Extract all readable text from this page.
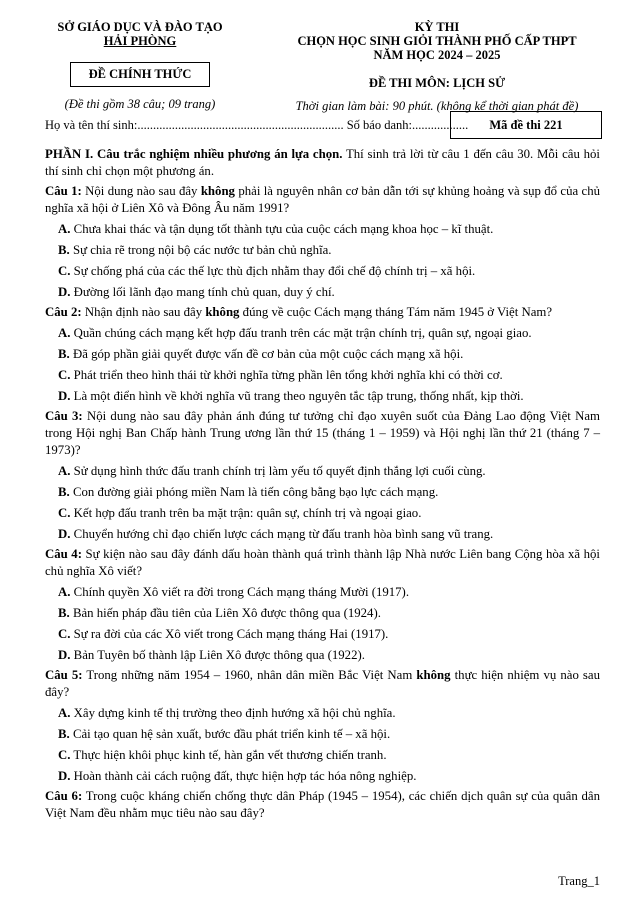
SỞ GIÁO DỤC VÀ ĐÀO TẠO
HẢI PHÒNG
ĐỀ CHÍNH THỨC
(Đề thi gồm 38 câu; 09 trang)
KỲ THI
CHỌN HỌC SINH GIỎI THÀNH PHỐ CẤP THPT
NĂM HỌC 2024 – 2025
ĐỀ THI MÔN: LỊCH SỬ
Thời gian làm bài: 90 phút. (không kể thời gian phát đề)
Họ và tên thí sinh:.................................................................. Số báo danh:..................	Mã đề thi 221
PHẦN I. Câu trắc nghiệm nhiều phương án lựa chọn. Thí sinh trả lời từ câu 1 đến câu 30. Mỗi câu hỏi thí sinh chỉ chọn một phương án.
Câu 1: Nội dung nào sau đây không phải là nguyên nhân cơ bản dẫn tới sự khủng hoảng và sụp đổ của chủ nghĩa xã hội ở Liên Xô và Đông Âu năm 1991?
A. Chưa khai thác và tận dụng tốt thành tựu của cuộc cách mạng khoa học – kĩ thuật.
B. Sự chia rẽ trong nội bộ các nước tư bản chủ nghĩa.
C. Sự chống phá của các thế lực thù địch nhằm thay đổi chế độ chính trị – xã hội.
D. Đường lối lãnh đạo mang tính chủ quan, duy ý chí.
Câu 2: Nhận định nào sau đây không đúng về cuộc Cách mạng tháng Tám năm 1945 ở Việt Nam?
A. Quần chúng cách mạng kết hợp đấu tranh trên các mặt trận chính trị, quân sự, ngoại giao.
B. Đã góp phần giải quyết được vấn đề cơ bản của một cuộc cách mạng xã hội.
C. Phát triển theo hình thái từ khởi nghĩa từng phần lên tổng khởi nghĩa khi có thời cơ.
D. Là một điển hình về khởi nghĩa vũ trang theo nguyên tắc tập trung, thống nhất, kịp thời.
Câu 3: Nội dung nào sau đây phản ánh đúng tư tưởng chỉ đạo xuyên suốt của Đảng Lao động Việt Nam trong Hội nghị Ban Chấp hành Trung ương lần thứ 15 (tháng 1 – 1959) và Hội nghị lần thứ 21 (tháng 7 – 1973)?
A. Sử dụng hình thức đấu tranh chính trị làm yếu tố quyết định thắng lợi cuối cùng.
B. Con đường giải phóng miền Nam là tiến công bằng bạo lực cách mạng.
C. Kết hợp đấu tranh trên ba mặt trận: quân sự, chính trị và ngoại giao.
D. Chuyển hướng chỉ đạo chiến lược cách mạng từ đấu tranh hòa bình sang vũ trang.
Câu 4: Sự kiện nào sau đây đánh dấu hoàn thành quá trình thành lập Nhà nước Liên bang Cộng hòa xã hội chủ nghĩa Xô viết?
A. Chính quyền Xô viết ra đời trong Cách mạng tháng Mười (1917).
B. Bản hiến pháp đầu tiên của Liên Xô được thông qua (1924).
C. Sự ra đời của các Xô viết trong Cách mạng tháng Hai (1917).
D. Bản Tuyên bố thành lập Liên Xô được thông qua (1922).
Câu 5: Trong những năm 1954 – 1960, nhân dân miền Bắc Việt Nam không thực hiện nhiệm vụ nào sau đây?
A. Xây dựng kinh tế thị trường theo định hướng xã hội chủ nghĩa.
B. Cải tạo quan hệ sản xuất, bước đầu phát triển kinh tế – xã hội.
C. Thực hiện khôi phục kinh tế, hàn gắn vết thương chiến tranh.
D. Hoàn thành cải cách ruộng đất, thực hiện hợp tác hóa nông nghiệp.
Câu 6: Trong cuộc kháng chiến chống thực dân Pháp (1945 – 1954), các chiến dịch quân sự của quân dân Việt Nam đều nhằm mục tiêu nào sau đây?
Trang_1
